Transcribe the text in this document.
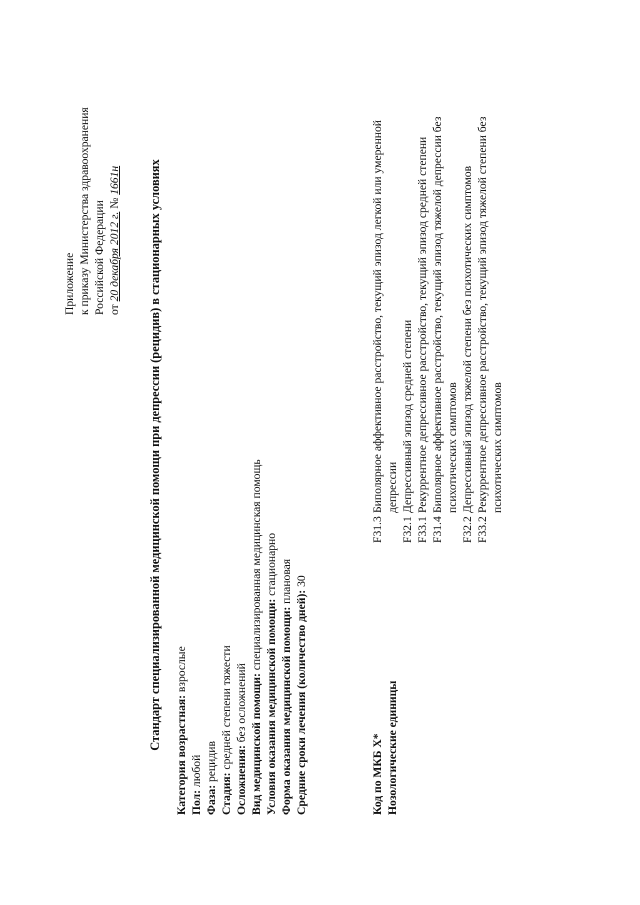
Приложение к приказу Министерства здравоохранения Российской Федерации от 20 декабря 2012 г. № 1661н Стандарт специализированной медицинской помощи при депрессии (рецидив) в стационарных условиях
Категория возрастная: взрослые
Пол: любой
Фаза: рецидив
Стадия: средней степени тяжести
Осложнения: без осложнений Вид медицинской помощи: специализированная медицинская помощь
Условия оказания медицинской помощи: стационарно
Форма оказания медицинской помощи: плановая
Средние сроки лечения (количество дней): 30
Код по МКБ X*
F31.3
Биполярное аффективное расстройство, текущий эпизод легкой или умеренной
Нозологические единицы
депрессии
F32.1
Депрессивный эпизод средней степени
F33.1
Рекуррентное депрессивное расстройство, текущий эпизод средней степени
F31.4
Биполярное аффективное расстройство, текущий эпизод тяжелой депрессии без психотических симптомов
F32.2
Депрессивный эпизод тяжелой степени без психотических симптомов
F33.2
Рекуррентное депрессивное расстройство, текущий эпизод тяжелой степени без психотических симптомов
